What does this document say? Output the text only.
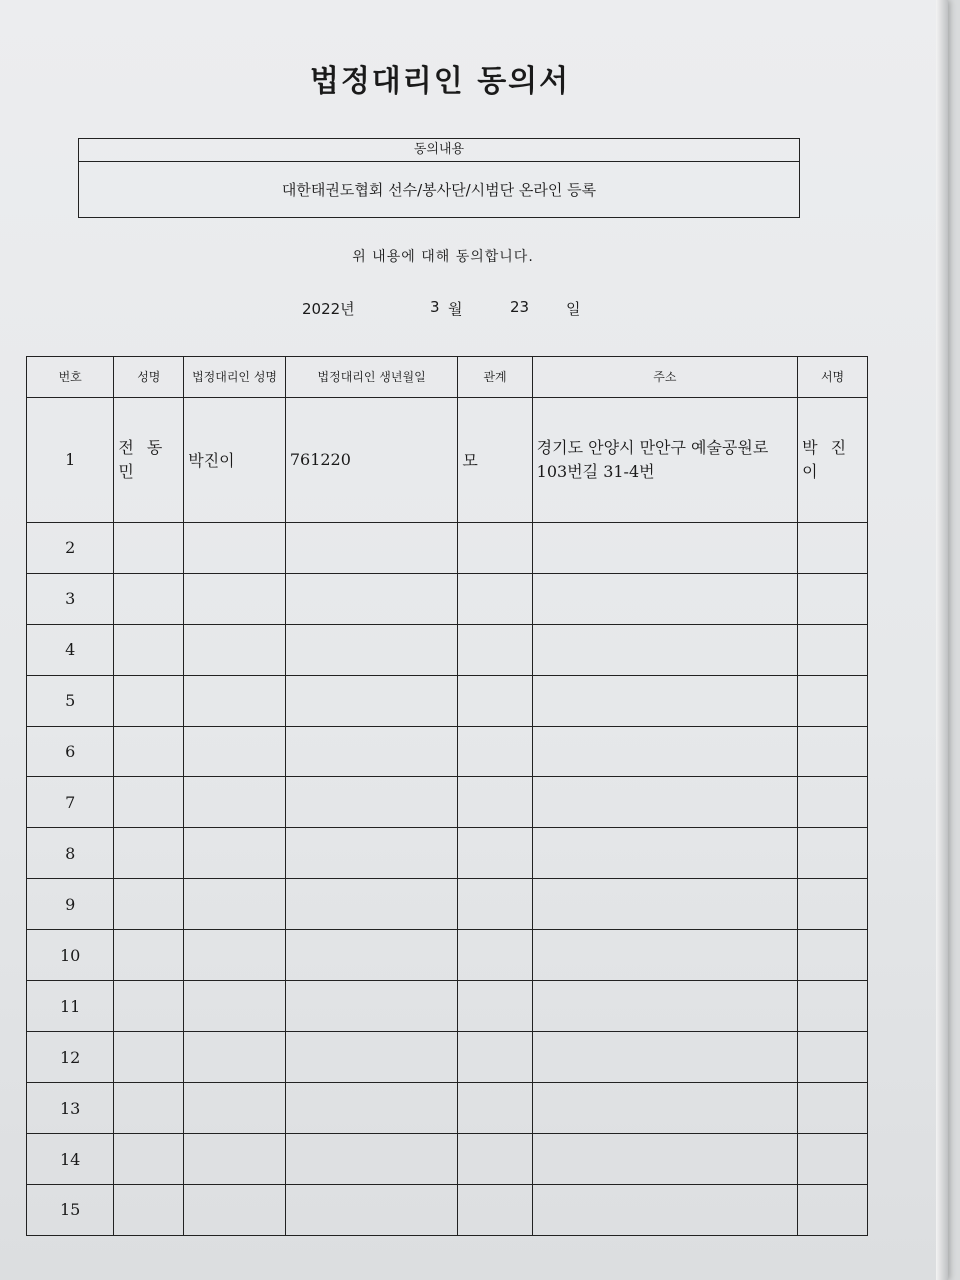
법정대리인 동의서
동의내용
대한태권도협회 선수/봉사단/시범단 온라인 등록
위 내용에 대해 동의합니다.
2022년	3 월	23 일
번호	성명	법정대리인 성명	법정대리인 생년월일	관계	주소	서명
1	전 동 민	박진이	761220	모	경기도 안양시 만안구 예술공원로 103번길 31-4번	박 진 이
2						
3						
4						
5						
6						
7						
8						
9						
10						
11						
12						
13						
14						
15						
